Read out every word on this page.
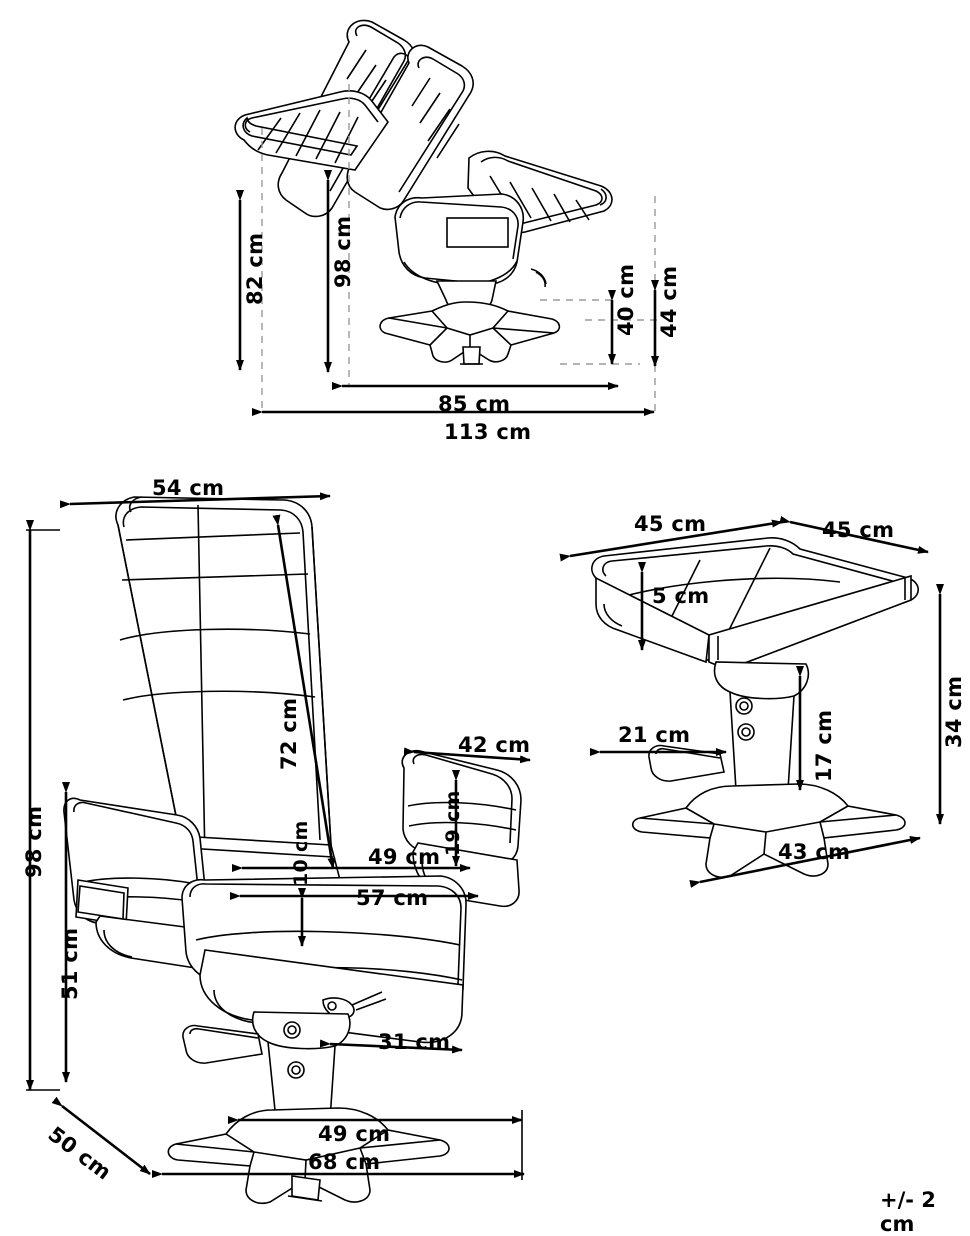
82 cm	98 cm
40 cm 44 cm
85 cm
113 cm
54 cm
72 cm	42 cm
19 cm
49 cm
57 cm
10 cm
98 cm
51 cm
31 cm
50 cm	49 cm
68 cm
45 cm	45 cm
5 cm
34 cm
17 cm
21 cm
43 cm
+/- 2 cm
